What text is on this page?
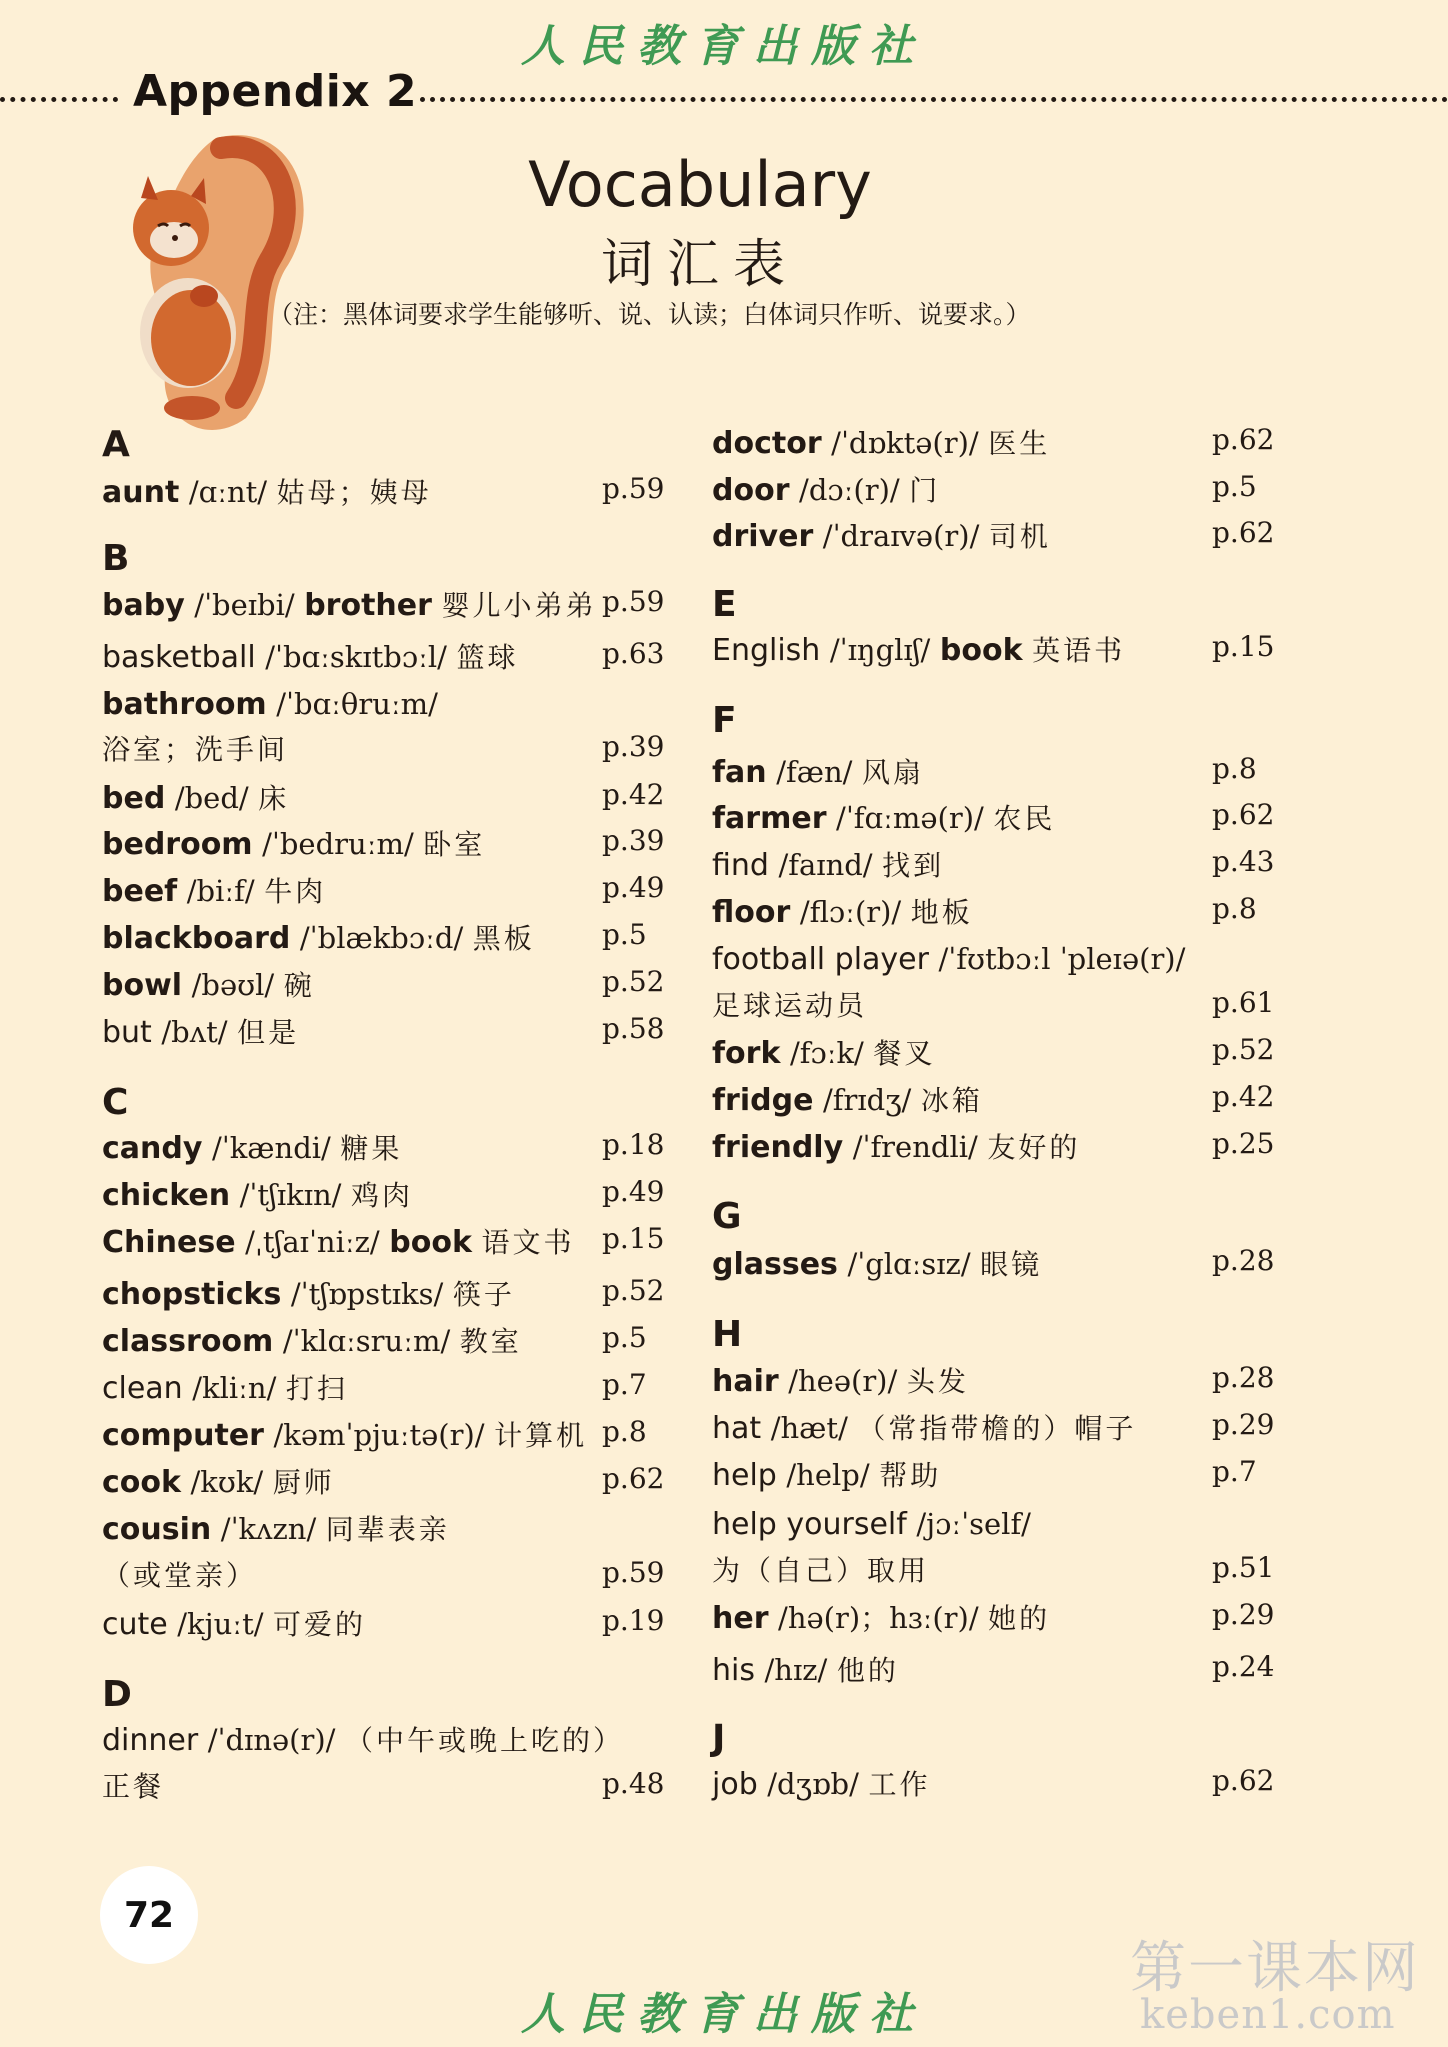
人民教育出版社
Appendix 2
Vocabulary
词汇表
（注：黑体词要求学生能够听、说、认读；白体词只作听、说要求。）
A
aunt /ɑːnt/ 姑母；姨母	p.59
B
baby /ˈbeɪbi/ brother 婴儿小弟弟 p.59
basketball /ˈbɑːskɪtbɔːl/ 篮球	p.63
bathroom /ˈbɑːθruːm/
浴室；洗手间	p.39
bed /bed/ 床	p.42
bedroom /ˈbedruːm/ 卧室	p.39
beef /biːf/ 牛肉	p.49
blackboard /ˈblækbɔːd/ 黑板 p.5
bowl /bəʊl/ 碗	p.52
but /bʌt/ 但是	p.58
C
candy /ˈkændi/ 糖果	p.18
chicken /ˈtʃɪkɪn/ 鸡肉	p.49
Chinese /ˌtʃaɪˈniːz/ book 语文书 p.15
chopsticks /ˈtʃɒpstɪks/ 筷子	p.52
classroom /ˈklɑːsruːm/ 教室	p.5
clean /kliːn/ 打扫	p.7
computer /kəmˈpjuːtə(r)/ 计算机 p.8
cook /kʊk/ 厨师	p.62
cousin /ˈkʌzn/ 同辈表亲
（或堂亲）	p.59
cute /kjuːt/ 可爱的	p.19
D
dinner /ˈdɪnə(r)/ （中午或晚上吃的）
正餐	p.48
doctor /ˈdɒktə(r)/ 医生	p.62
door /dɔː(r)/ 门	p.5
driver /ˈdraɪvə(r)/ 司机	p.62
E
English /ˈɪŋglɪʃ/ book 英语书	p.15
F
fan /fæn/ 风扇	p.8
farmer /ˈfɑːmə(r)/ 农民	p.62
find /faɪnd/ 找到	p.43
floor /flɔː(r)/ 地板	p.8
football player /ˈfʊtbɔːl ˈpleɪə(r)/
足球运动员	p.61
fork /fɔːk/ 餐叉	p.52
fridge /frɪdʒ/ 冰箱	p.42
friendly /ˈfrendli/ 友好的	p.25
G
glasses /ˈglɑːsɪz/ 眼镜	p.28
H
hair /heə(r)/ 头发	p.28
hat /hæt/ （常指带檐的）帽子	p.29
help /help/ 帮助	p.7
help yourself /jɔːˈself/
为（自己）取用	p.51
her /hə(r)；hɜː(r)/ 她的	p.29
his /hɪz/ 他的	p.24
J
job /dʒɒb/ 工作	p.62
72
人民教育出版社
第一课本网
keben1.com
